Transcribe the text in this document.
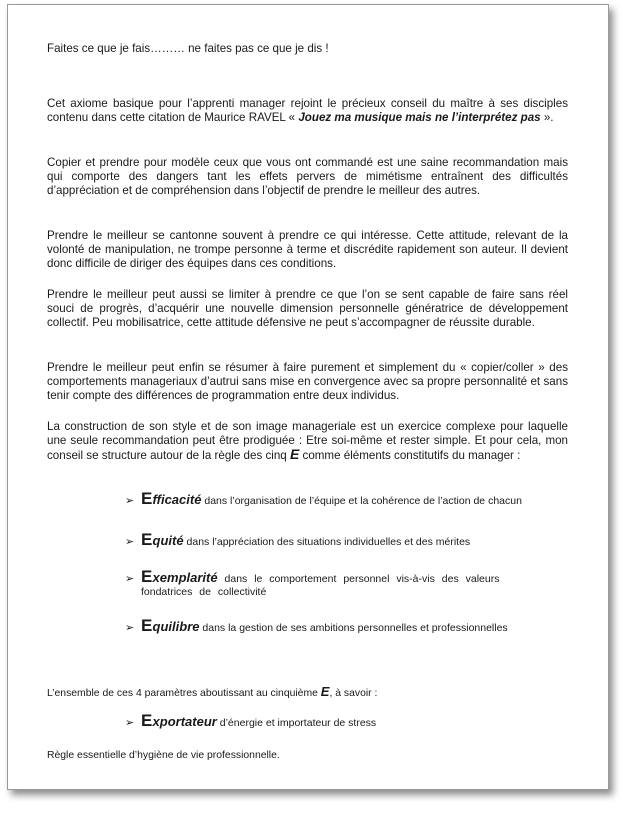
Faites ce que je fais……… ne faites pas ce que je dis !

Cet axiome basique pour l’apprenti manager rejoint le précieux conseil du maître à ses disciples contenu dans cette citation de Maurice RAVEL « Jouez ma musique mais ne l’interprétez pas ».

Copier et prendre pour modèle ceux que vous ont commandé est une saine recommandation mais qui comporte des dangers tant les effets pervers de mimétisme entraînent des difficultés d’appréciation et de compréhension dans l’objectif de prendre le meilleur des autres.

Prendre le meilleur se cantonne souvent à prendre ce qui intéresse. Cette attitude, relevant de la volonté de manipulation, ne trompe personne à terme et discrédite rapidement son auteur. Il devient donc difficile de diriger des équipes dans ces conditions.

Prendre le meilleur peut aussi se limiter à prendre ce que l’on se sent capable de faire sans réel souci de progrès, d’acquérir une nouvelle dimension personnelle génératrice de développement collectif. Peu mobilisatrice, cette attitude défensive ne peut s’accompagner de réussite durable.

Prendre le meilleur peut enfin se résumer à faire purement et simplement du « copier/coller » des comportements manageriaux d’autrui sans mise en convergence avec sa propre personnalité et sans tenir compte des différences de programmation entre deux individus.

La construction de son style et de son image manageriale est un exercice complexe pour laquelle une seule recommandation peut être prodiguée : Etre soi-même et rester simple. Et pour cela, mon conseil se structure autour de la règle des cinq E comme éléments constitutifs du manager :

➢ Efficacité dans l’organisation de l’équipe et la cohérence de l’action de chacun
➢ Equité dans l’appréciation des situations individuelles et des mérites
➢ Exemplarité dans le comportement personnel vis-à-vis des valeurs
fondatrices de collectivité
➢ Equilibre dans la gestion de ses ambitions personnelles et professionnelles

L’ensemble de ces 4 paramètres aboutissant au cinquième E, à savoir :

➢ Exportateur d’énergie et importateur de stress

Règle essentielle d’hygiène de vie professionnelle.
